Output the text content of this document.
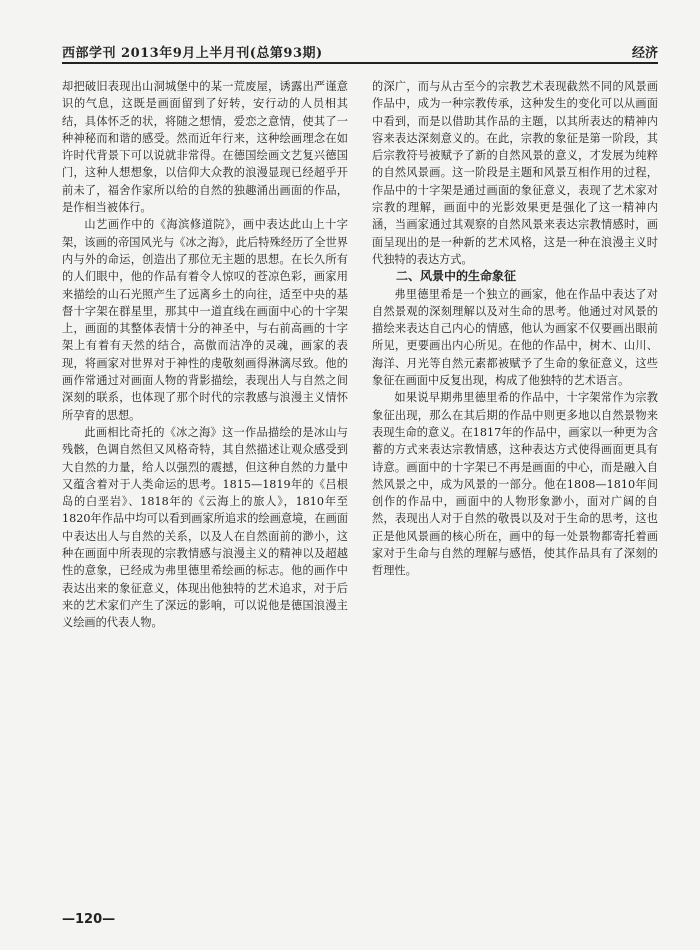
西部学刊 2013年9月上半月刊(总第93期)	经济

却把破旧表现出山洞城堡中的某一荒废屋，诱露出严谨意识的气息，这既是画面留到了好转，安行动的人员相其结，具体怀乏的状，将随之想情，爱恋之意情，使其了一种神秘而和谐的感受。然而近年行来，这种绘画理念在如许时代背景下可以说就非常得。在德国绘画文艺复兴德国门，这种人想想象，以信仰大众教的浪漫显现已经超乎开前未了，福舍作家所以给的自然的独趣涌出画面的作品，是作相当被体行。

山艺画作中的《海滨修道院》，画中表达此山上十字架，该画的帝国风光与《冰之海》，此后特殊经历了全世界内与外的命运，创造出了那位无主题的思想。在长久所有的人们眼中，他的作品有着令人惊叹的苍凉色彩，画家用来描绘的山石光照产生了远离乡土的向往，适至中央的基督十字架在群星里，那其中一道直线在画面中心的十字架上，画面的其整体表情十分的神圣中，与右前高画的十字架上有着有天然的结合，高傲而洁净的灵魂，画家的表现，将画家对世界对于神性的虔敬刻画得淋漓尽致。他的画作常通过对画面人物的背影描绘，表现出人与自然之间深刻的联系，也体现了那个时代的宗教感与浪漫主义情怀所孕育的思想。

此画相比奇托的《冰之海》这一作品描绘的是冰山与残骸，色调自然但又风格奇特，其自然描述让观众感受到大自然的力量，给人以强烈的震撼，但这种自然的力量中又蕴含着对于人类命运的思考。1815—1819年的《吕根岛的白垩岩》、1818年的《云海上的旅人》，1810年至1820年作品中均可以看到画家所追求的绘画意境，在画面中表达出人与自然的关系，以及人在自然面前的渺小，这种在画面中所表现的宗教情感与浪漫主义的精神以及超越性的意象，已经成为弗里德里希绘画的标志。他的画作中表达出来的象征意义，体现出他独特的艺术追求，对于后来的艺术家们产生了深远的影响，可以说他是德国浪漫主义绘画的代表人物。

的深广，而与从古至今的宗教艺术表现截然不同的风景画作品中，成为一种宗教传承，这种发生的变化可以从画面中看到，而是以借助其作品的主题，以其所表达的精神内容来表达深刻意义的。在此，宗教的象征是第一阶段，其后宗教符号被赋予了新的自然风景的意义，才发展为纯粹的自然风景画。这一阶段是主题和风景互相作用的过程，作品中的十字架是通过画面的象征意义，表现了艺术家对宗教的理解，画面中的光影效果更是强化了这一精神内涵，当画家通过其观察的自然风景来表达宗教情感时，画面呈现出的是一种新的艺术风格，这是一种在浪漫主义时代独特的表达方式。

二、风景中的生命象征

弗里德里希是一个独立的画家，他在作品中表达了对自然景观的深刻理解以及对生命的思考。他通过对风景的描绘来表达自己内心的情感，他认为画家不仅要画出眼前所见，更要画出内心所见。在他的作品中，树木、山川、海洋、月光等自然元素都被赋予了生命的象征意义，这些象征在画面中反复出现，构成了他独特的艺术语言。

如果说早期弗里德里希的作品中，十字架常作为宗教象征出现，那么在其后期的作品中则更多地以自然景物来表现生命的意义。在1817年的作品中，画家以一种更为含蓄的方式来表达宗教情感，这种表达方式使得画面更具有诗意。画面中的十字架已不再是画面的中心，而是融入自然风景之中，成为风景的一部分。他在1808—1810年间创作的作品中，画面中的人物形象渺小，面对广阔的自然，表现出人对于自然的敬畏以及对于生命的思考，这也正是他风景画的核心所在，画中的每一处景物都寄托着画家对于生命与自然的理解与感悟，使其作品具有了深刻的哲理性。

—120—
